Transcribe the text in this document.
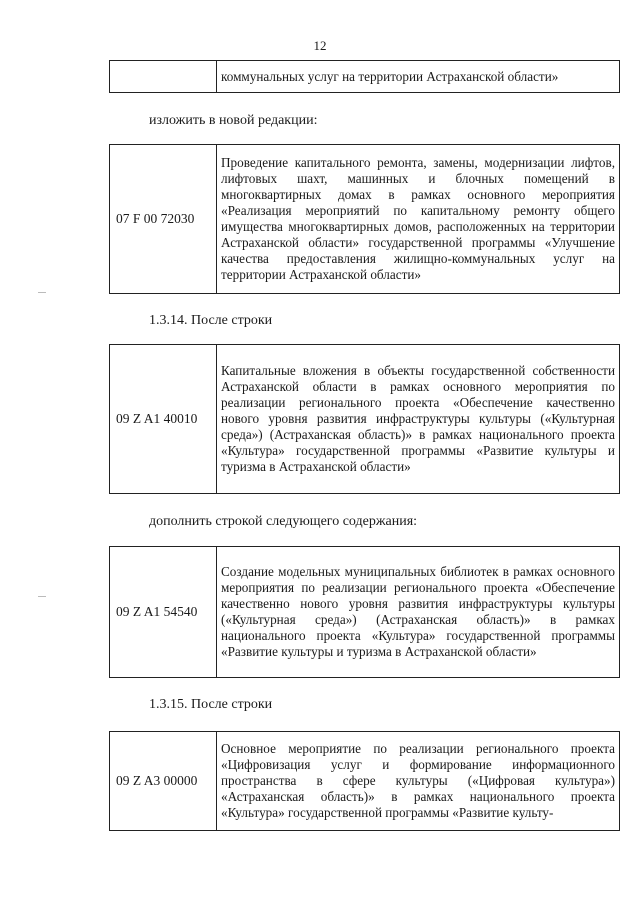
12
	коммунальных услуг на территории Астраханской области»
изложить в новой редакции:
07 F 00 72030	Проведение капитального ремонта, замены, модернизации лифтов, лифтовых шахт, машинных и блочных помещений в многоквартирных домах в рамках основного мероприятия «Реализация мероприятий по капитальному ремонту общего имущества многоквартирных домов, расположенных на территории Астраханской области» государственной программы «Улучшение качества предоставления жилищно-коммунальных услуг на территории Астраханской области»
1.3.14. После строки
09 Z A1 40010	Капитальные вложения в объекты государственной собственности Астраханской области в рамках основного мероприятия по реализации регионального проекта «Обеспечение качественно нового уровня развития инфраструктуры культуры («Культурная среда») (Астраханская область)» в рамках национального проекта «Культура» государственной программы «Развитие культуры и туризма в Астраханской области»
дополнить строкой следующего содержания:
09 Z A1 54540	Создание модельных муниципальных библиотек в рамках основного мероприятия по реализации регионального проекта «Обеспечение качественно нового уровня развития инфраструктуры культуры («Культурная среда») (Астраханская область)» в рамках национального проекта «Культура» государственной программы «Развитие культуры и туризма в Астраханской области»
1.3.15. После строки
09 Z A3 00000	Основное мероприятие по реализации регионального проекта «Цифровизация услуг и формирование информационного пространства в сфере культуры («Цифровая культура») «Астраханская область)» в рамках национального проекта «Культура» государственной программы «Развитие культу-
